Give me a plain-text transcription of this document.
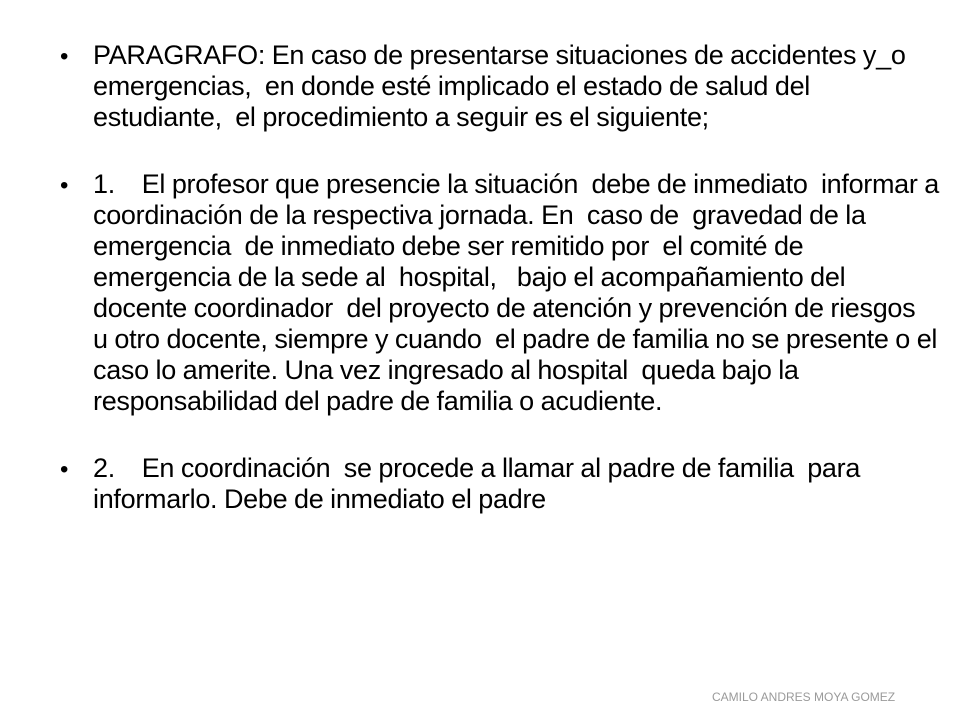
• PARAGRAFO: En caso de presentarse situaciones de accidentes y_o emergencias,  en donde esté implicado el estado de salud del estudiante,  el procedimiento a seguir es el siguiente;
• 1.    El profesor que presencie la situación  debe de inmediato  informar a coordinación de la respectiva jornada. En  caso de  gravedad de la  emergencia  de inmediato debe ser remitido por  el comité de emergencia de la sede al  hospital,   bajo el acompañamiento del docente coordinador  del proyecto de atención y prevención de riesgos  u otro docente, siempre y cuando  el padre de familia no se presente o el caso lo amerite. Una vez ingresado al hospital  queda bajo la responsabilidad del padre de familia o acudiente.
• 2.    En coordinación  se procede a llamar al padre de familia  para  informarlo. Debe de inmediato el padre
CAMILO ANDRES MOYA GOMEZ
